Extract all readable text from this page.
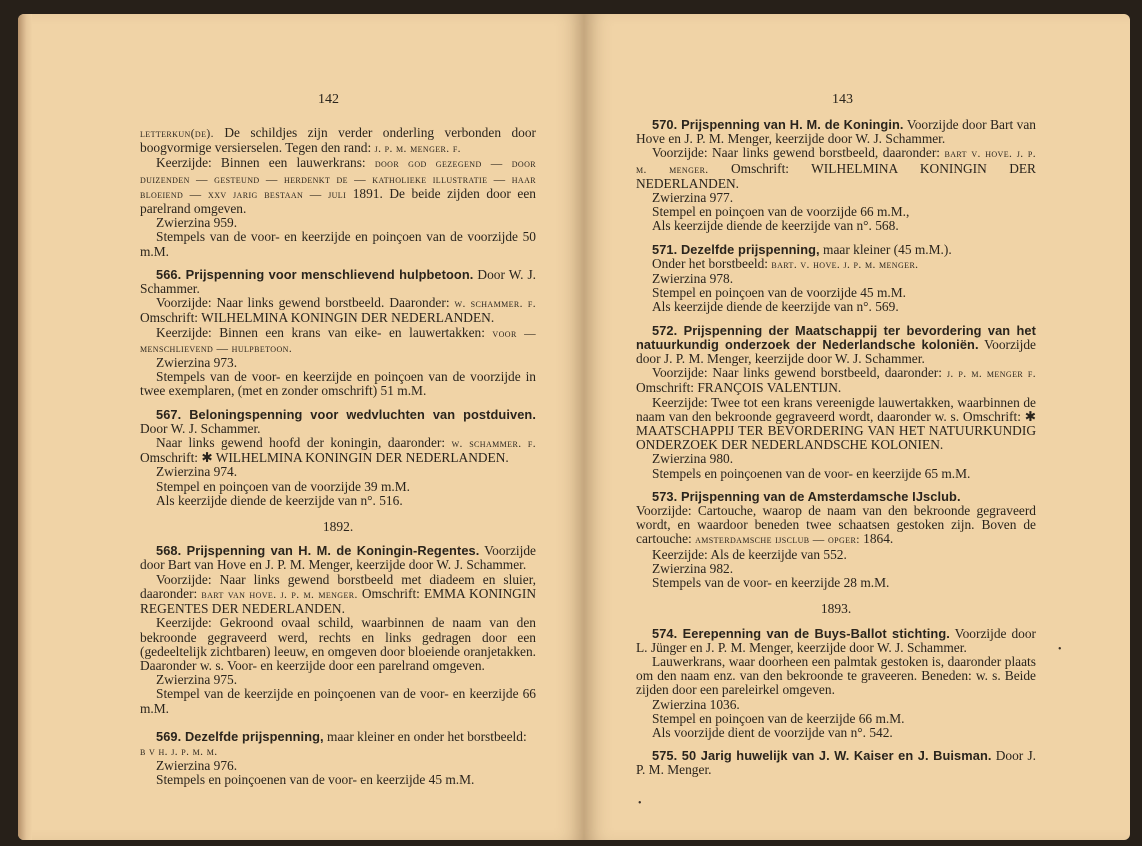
142

letterkun(de). De schildjes zijn verder onderling verbonden door boogvormige versierselen. Tegen den rand: j. p. m. menger. f.

Keerzijde: Binnen een lauwerkrans: door god gezegend — door duizenden — gesteund — herdenkt de — katholieke illustratie — haar bloeiend — xxv jarig bestaan — juli 1891. De beide zijden door een parelrand omgeven.

Zwierzina 959.

Stempels van de voor- en keerzijde en poinçoen van de voorzijde 50 m.M.

566. Prijspenning voor menschlievend hulpbetoon. Door W. J. Schammer.

Voorzijde: Naar links gewend borstbeeld. Daaronder: w. schammer. f. Omschrift: WILHELMINA KONINGIN DER NEDERLANDEN.

Keerzijde: Binnen een krans van eike- en lauwertakken: voor — menschlievend — hulpbetoon.

Zwierzina 973.

Stempels van de voor- en keerzijde en poinçoen van de voorzijde in twee exemplaren, (met en zonder omschrift) 51 m.M.

567. Beloningspenning voor wedvluchten van postduiven. Door W. J. Schammer.

Naar links gewend hoofd der koningin, daaronder: w. schammer. f. Omschrift: ✱ WILHELMINA KONINGIN DER NEDERLANDEN.

Zwierzina 974.

Stempel en poinçoen van de voorzijde 39 m.M.

Als keerzijde diende de keerzijde van n°. 516.

1892.

568. Prijspenning van H. M. de Koningin-Regentes. Voorzijde door Bart van Hove en J. P. M. Menger, keerzijde door W. J. Schammer.

Voorzijde: Naar links gewend borstbeeld met diadeem en sluier, daaronder: bart van hove. j. p. m. menger. Omschrift: EMMA KONINGIN REGENTES DER NEDERLANDEN.

Keerzijde: Gekroond ovaal schild, waarbinnen de naam van den bekroonde gegraveerd werd, rechts en links gedragen door een (gedeeltelijk zichtbaren) leeuw, en omgeven door bloeiende oranjetakken. Daaronder w. s. Voor- en keerzijde door een parelrand omgeven.

Zwierzina 975.

Stempel van de keerzijde en poinçoenen van de voor- en keerzijde 66 m.M.

569. Dezelfde prijspenning, maar kleiner en onder het borstbeeld:

b v h. j. p. m. m.

Zwierzina 976.

Stempels en poinçoenen van de voor- en keerzijde 45 m.M.

143

570. Prijspenning van H. M. de Koningin. Voorzijde door Bart van Hove en J. P. M. Menger, keerzijde door W. J. Schammer.

Voorzijde: Naar links gewend borstbeeld, daaronder: bart v. hove. j. p. m. menger. Omschrift: WILHELMINA KONINGIN DER NEDERLANDEN.

Zwierzina 977.

Stempel en poinçoen van de voorzijde 66 m.M.,

Als keerzijde diende de keerzijde van n°. 568.

571. Dezelfde prijspenning, maar kleiner (45 m.M.).

Onder het borstbeeld: bart. v. hove. j. p. m. menger.

Zwierzina 978.

Stempel en poinçoen van de voorzijde 45 m.M.

Als keerzijde diende de keerzijde van n°. 569.

572. Prijspenning der Maatschappij ter bevordering van het natuurkundig onderzoek der Nederlandsche koloniën. Voorzijde door J. P. M. Menger, keerzijde door W. J. Schammer.

Voorzijde: Naar links gewend borstbeeld, daaronder: j. p. m. menger f. Omschrift: FRANÇOIS VALENTIJN.

Keerzijde: Twee tot een krans vereenigde lauwertakken, waarbinnen de naam van den bekroonde gegraveerd wordt, daaronder w. s. Omschrift: ✱ MAATSCHAPPIJ TER BEVORDERING VAN HET NATUURKUNDIG ONDERZOEK DER NEDERLANDSCHE KOLONIEN.

Zwierzina 980.

Stempels en poinçoenen van de voor- en keerzijde 65 m.M.

573. Prijspenning van de Amsterdamsche IJsclub.

Voorzijde: Cartouche, waarop de naam van den bekroonde gegraveerd wordt, en waardoor beneden twee schaatsen gestoken zijn. Boven de cartouche: amsterdamsche ijsclub — opger: 1864.

Keerzijde: Als de keerzijde van 552.

Zwierzina 982.

Stempels van de voor- en keerzijde 28 m.M.

1893.

574. Eerepenning van de Buys-Ballot stichting. Voorzijde door L. Jünger en J. P. M. Menger, keerzijde door W. J. Schammer.

Lauwerkrans, waar doorheen een palmtak gestoken is, daaronder plaats om den naam enz. van den bekroonde te graveeren. Beneden: w. s. Beide zijden door een pareleirkel omgeven.

Zwierzina 1036.

Stempel en poinçoen van de keerzijde 66 m.M.

Als voorzijde dient de voorzijde van n°. 542.

575. 50 Jarig huwelijk van J. W. Kaiser en J. Buisman. Door J. P. M. Menger.

•
•
